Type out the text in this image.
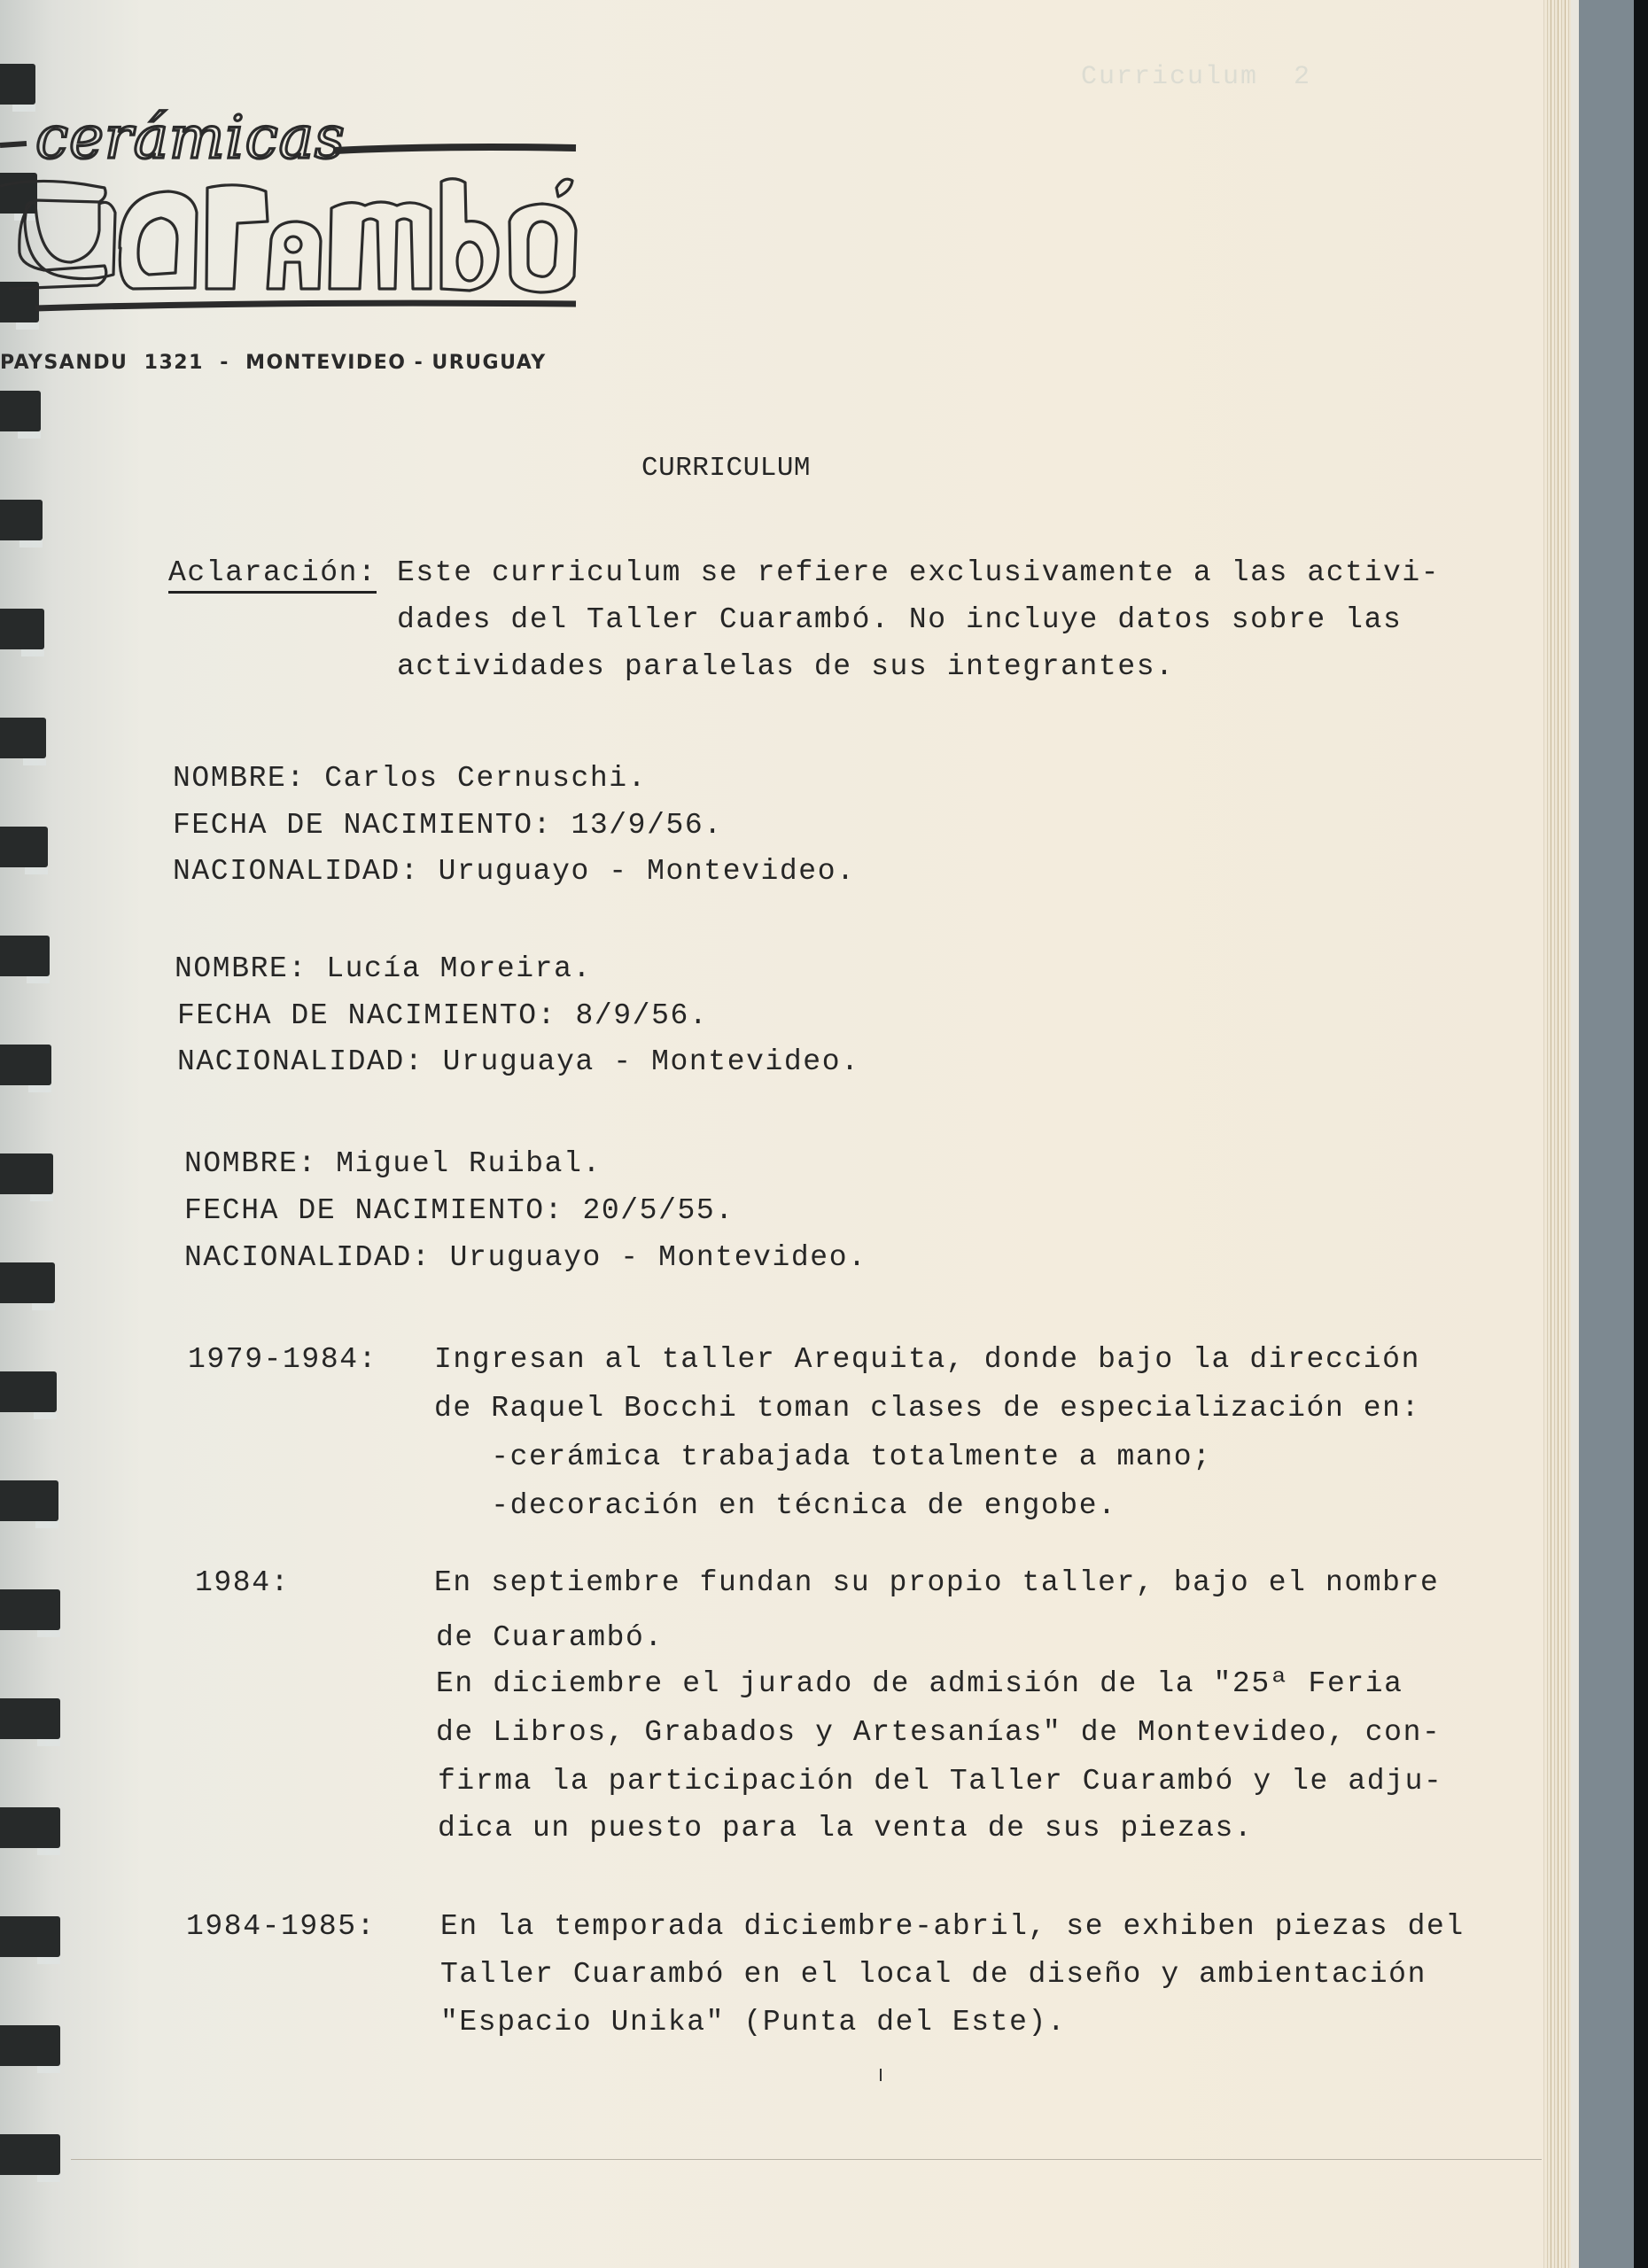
Curriculum  2
cerámicas
PAYSANDU  1321  -  MONTEVIDEO - URUGUAY
CURRICULUM
Aclaración: Este curriculum se refiere exclusivamente a las activi-
dades del Taller Cuarambó. No incluye datos sobre las
actividades paralelas de sus integrantes.
NOMBRE: Carlos Cernuschi.
FECHA DE NACIMIENTO: 13/9/56.
NACIONALIDAD: Uruguayo - Montevideo.
NOMBRE: Lucía Moreira.
FECHA DE NACIMIENTO: 8/9/56.
NACIONALIDAD: Uruguaya - Montevideo.
NOMBRE: Miguel Ruibal.
FECHA DE NACIMIENTO: 20/5/55.
NACIONALIDAD: Uruguayo - Montevideo.
1979-1984: Ingresan al taller Arequita, donde bajo la dirección
de Raquel Bocchi toman clases de especialización en:
-cerámica trabajada totalmente a mano;
-decoración en técnica de engobe.
1984:	En septiembre fundan su propio taller, bajo el nombre
de Cuarambó.
En diciembre el jurado de admisión de la "25ª Feria
de Libros, Grabados y Artesanías" de Montevideo, con-
firma la participación del Taller Cuarambó y le adju-
dica un puesto para la venta de sus piezas.
1984-1985: En la temporada diciembre-abril, se exhiben piezas del
Taller Cuarambó en el local de diseño y ambientación
"Espacio Unika" (Punta del Este).
